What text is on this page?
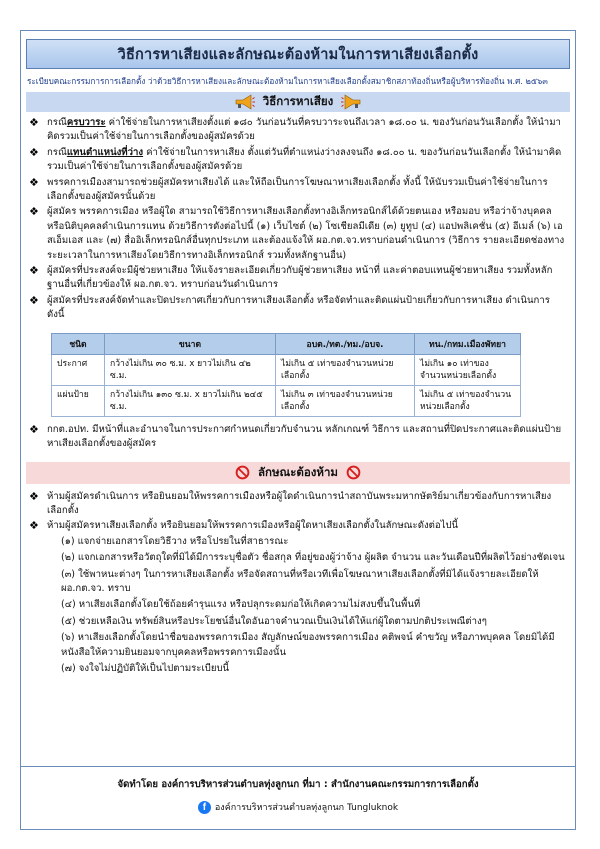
วิธีการหาเสียงและลักษณะต้องห้ามในการหาเสียงเลือกตั้ง
ระเบียบคณะกรรมการการเลือกตั้ง ว่าด้วยวิธีการหาเสียงและลักษณะต้องห้ามในการหาเสียงเลือกตั้งสมาชิกสภาท้องถิ่นหรือผู้บริหารท้องถิ่น พ.ศ. ๒๕๖๓
วิธีการหาเสียง
❖ กรณีครบวาระ ค่าใช้จ่ายในการหาเสียงตั้งแต่ ๑๘๐ วันก่อนวันที่ครบวาระจนถึงเวลา ๑๘.๐๐ น. ของวันก่อนวันเลือกตั้ง ให้นำมาคิดรวมเป็นค่าใช้จ่ายในการเลือกตั้งของผู้สมัครด้วย
❖ กรณีแทนตำแหน่งที่ว่าง ค่าใช้จ่ายในการหาเสียง ตั้งแต่วันที่ตำแหน่งว่างลงจนถึง ๑๘.๐๐ น. ของวันก่อนวันเลือกตั้ง ให้นำมาคิดรวมเป็นค่าใช้จ่ายในการเลือกตั้งของผู้สมัครด้วย
❖ พรรคการเมืองสามารถช่วยผู้สมัครหาเสียงได้ และให้ถือเป็นการโฆษณาหาเสียงเลือกตั้ง ทั้งนี้ ให้นับรวมเป็นค่าใช้จ่ายในการเลือกตั้งของผู้สมัครนั้นด้วย
❖ ผู้สมัคร พรรคการเมือง หรือผู้ใด สามารถใช้วิธีการหาเสียงเลือกตั้งทางอิเล็กทรอนิกส์ได้ด้วยตนเอง หรือมอบ หรือว่าจ้างบุคคลหรือนิติบุคคลดำเนินการแทน ด้วยวิธีการดังต่อไปนี้ (๑) เว็บไซต์ (๒) โซเชียลมีเดีย (๓) ยูทูป (๔) แอปพลิเคชั่น (๕) อีเมล์ (๖) เอสเอ็มเอส และ (๗) สื่ออิเล็กทรอนิกส์อื่นทุกประเภท และต้องแจ้งให้ ผอ.กต.จว.ทราบก่อนดำเนินการ (วิธีการ รายละเอียดช่องทาง ระยะเวลาในการหาเสียงโดยวิธีการทางอิเล็กทรอนิกส์ รวมทั้งหลักฐานอื่น)
❖ ผู้สมัครที่ประสงค์จะมีผู้ช่วยหาเสียง ให้แจ้งรายละเอียดเกี่ยวกับผู้ช่วยหาเสียง หน้าที่ และค่าตอบแทนผู้ช่วยหาเสียง รวมทั้งหลักฐานอื่นที่เกี่ยวข้องให้ ผอ.กต.จว. ทราบก่อนวันดำเนินการ
❖ ผู้สมัครที่ประสงค์จัดทำและปิดประกาศเกี่ยวกับการหาเสียงเลือกตั้ง หรือจัดทำและติดแผ่นป้ายเกี่ยวกับการหาเสียง ดำเนินการดังนี้
ชนิด	ขนาด	อบต./ทต./ทม./อบจ.	ทน./กทม.เมืองพัทยา
ประกาศ	กว้างไม่เกิน ๓๐ ซ.ม. x ยาวไม่เกิน ๔๒ ซ.ม.	ไม่เกิน ๕ เท่าของจำนวนหน่วยเลือกตั้ง	ไม่เกิน ๑๐ เท่าของจำนวนหน่วยเลือกตั้ง
แผ่นป้าย	กว้างไม่เกิน ๑๓๐ ซ.ม. x ยาวไม่เกิน ๒๔๕ ซ.ม.	ไม่เกิน ๓ เท่าของจำนวนหน่วยเลือกตั้ง	ไม่เกิน ๕ เท่าของจำนวนหน่วยเลือกตั้ง
❖ กกต.อปท. มีหน้าที่และอำนาจในการประกาศกำหนดเกี่ยวกับจำนวน หลักเกณฑ์ วิธีการ และสถานที่ปิดประกาศและติดแผ่นป้ายหาเสียงเลือกตั้งของผู้สมัคร
ลักษณะต้องห้าม
❖ ห้ามผู้สมัครดำเนินการ หรือยินยอมให้พรรคการเมืองหรือผู้ใดดำเนินการนำสถาบันพระมหากษัตริย์มาเกี่ยวข้องกับการหาเสียงเลือกตั้ง
❖ ห้ามผู้สมัครหาเสียงเลือกตั้ง หรือยินยอมให้พรรคการเมืองหรือผู้ใดหาเสียงเลือกตั้งในลักษณะดังต่อไปนี้
(๑) แจกจ่ายเอกสารโดยวิธีวาง หรือโปรยในที่สาธารณะ
(๒) แจกเอกสารหรือวัตถุใดที่มิได้มีการระบุชื่อตัว ชื่อสกุล ที่อยู่ของผู้ว่าจ้าง ผู้ผลิต จำนวน และวันเดือนปีที่ผลิตไว้อย่างชัดเจน
(๓) ใช้พาหนะต่างๆ ในการหาเสียงเลือกตั้ง หรือจัดสถานที่หรือเวทีเพื่อโฆษณาหาเสียงเลือกตั้งที่มิได้แจ้งรายละเอียดให้ผอ.กต.จว. ทราบ
(๔) หาเสียงเลือกตั้งโดยใช้ถ้อยคำรุนแรง หรือปลุกระดมก่อให้เกิดความไม่สงบขึ้นในพื้นที่
(๕) ช่วยเหลือเงิน ทรัพย์สินหรือประโยชน์อื่นใดอันอาจคำนวณเป็นเงินได้ให้แก่ผู้ใดตามปกติประเพณีต่างๆ
(๖) หาเสียงเลือกตั้งโดยนำชื่อของพรรคการเมือง สัญลักษณ์ของพรรคการเมือง คติพจน์ คำขวัญ หรือภาพบุคคล โดยมิได้มีหนังสือให้ความยินยอมจากบุคคลหรือพรรคการเมืองนั้น
(๗) จงใจไม่ปฏิบัติให้เป็นไปตามระเบียบนี้
จัดทำโดย องค์การบริหารส่วนตำบลทุ่งลูกนก ที่มา : สำนักงานคณะกรรมการการเลือกตั้ง
f องค์การบริหารส่วนตำบลทุ่งลูกนก Tungluknok
